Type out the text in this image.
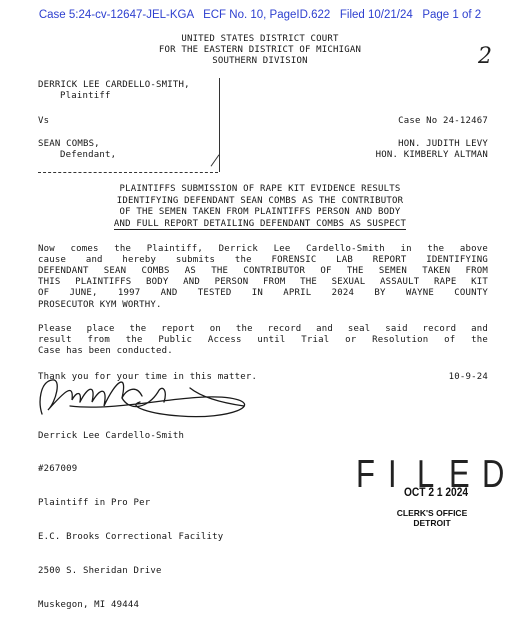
Case 5:24-cv-12647-JEL-KGA   ECF No. 10, PageID.622   Filed 10/21/24   Page 1 of 2
2
UNITED STATES DISTRICT COURT
FOR THE EASTERN DISTRICT OF MICHIGAN
SOUTHERN DIVISION
DERRICK LEE CARDELLO-SMITH,
Plaintiff
Vs
SEAN COMBS,
Defendant,
Case No 24-12467
HON. JUDITH LEVY
HON. KIMBERLY ALTMAN
PLAINTIFFS SUBMISSION OF RAPE KIT EVIDENCE RESULTS
IDENTIFYING DEFENDANT SEAN COMBS AS THE CONTRIBUTOR
OF THE SEMEN TAKEN FROM PLAINTIFFS PERSON AND BODY
AND FULL REPORT DETAILING DEFENDANT COMBS AS SUSPECT
Now comes the Plaintiff, Derrick Lee Cardello-Smith in the above
cause and hereby submits the FORENSIC LAB REPORT IDENTIFYING
DEFENDANT SEAN COMBS AS THE CONTRIBUTOR OF THE SEMEN TAKEN FROM
THIS PLAINTIFFS BODY AND PERSON FROM THE SEXUAL ASSAULT RAPE KIT
OF JUNE, 1997 AND TESTED IN APRIL 2024 BY WAYNE COUNTY
PROSECUTOR KYM WORTHY.
Please place the report on the record and seal said record and
result from the Public Access until Trial or Resolution of the
Case has been conducted.
Thank you for your time in this matter.	10-9-24

Derrick Lee Cardello-Smith

#267009

Plaintiff in Pro Per

E.C. Brooks Correctional Facility

2500 S. Sheridan Drive

Muskegon, MI 49444

F I L E D
OCT 2 1 2024
CLERK'S OFFICE
DETROIT
